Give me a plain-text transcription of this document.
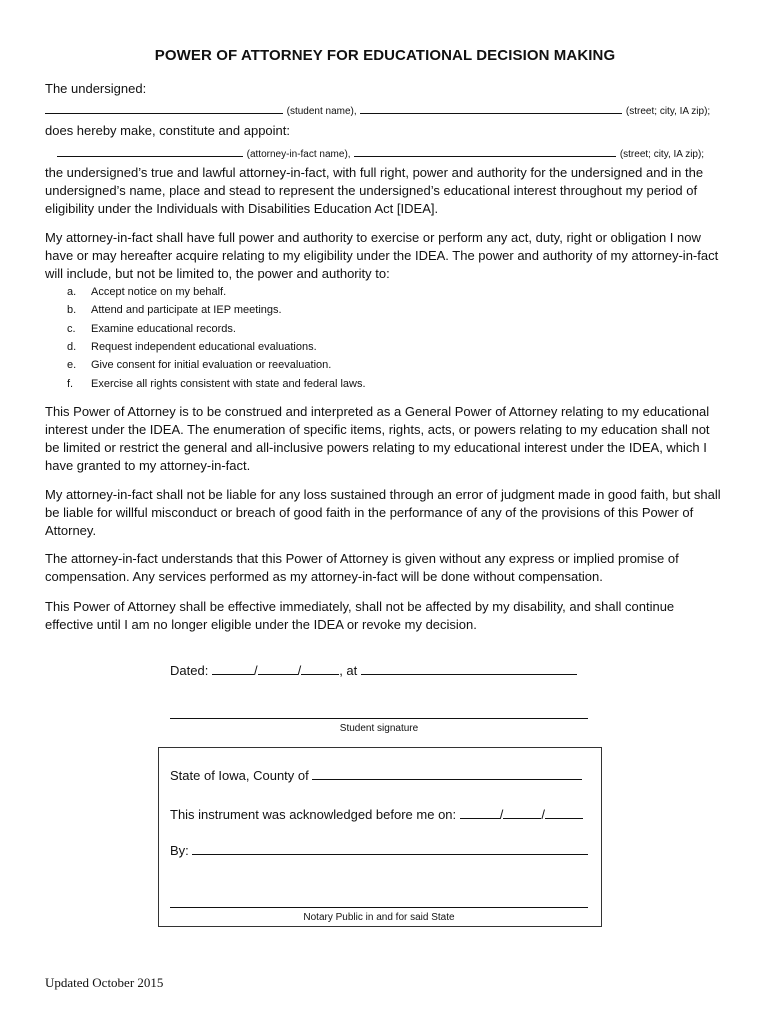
POWER OF ATTORNEY FOR EDUCATIONAL DECISION MAKING
The undersigned:
(student name),	(street; city, IA zip);
does hereby make, constitute and appoint:
(attorney-in-fact name),	(street; city, IA zip);
the undersigned’s true and lawful attorney-in-fact, with full right, power and authority for the undersigned and in the undersigned’s name, place and stead to represent the undersigned’s educational interest throughout my period of eligibility under the Individuals with Disabilities Education Act [IDEA].
My attorney-in-fact shall have full power and authority to exercise or perform any act, duty, right or obligation I now have or may hereafter acquire relating to my eligibility under the IDEA. The power and authority of my attorney-in-fact will include, but not be limited to, the power and authority to:
a.	Accept notice on my behalf.
b.	Attend and participate at IEP meetings.
c.	Examine educational records.
d.	Request independent educational evaluations.
e.	Give consent for initial evaluation or reevaluation.
f.	Exercise all rights consistent with state and federal laws.
This Power of Attorney is to be construed and interpreted as a General Power of Attorney relating to my educational interest under the IDEA. The enumeration of specific items, rights, acts, or powers relating to my education shall not be limited or restrict the general and all-inclusive powers relating to my educational interest under the IDEA, which I have granted to my attorney-in-fact.
My attorney-in-fact shall not be liable for any loss sustained through an error of judgment made in good faith, but shall be liable for willful misconduct or breach of good faith in the performance of any of the provisions of this Power of Attorney.
The attorney-in-fact understands that this Power of Attorney is given without any express or implied promise of compensation. Any services performed as my attorney-in-fact will be done without compensation.
This Power of Attorney shall be effective immediately, shall not be affected by my disability, and shall continue effective until I am no longer eligible under the IDEA or revoke my decision.
Dated:	/	/	, at
Student signature
State of Iowa, County of
This instrument was acknowledged before me on:	/	/
By:
Notary Public in and for said State
Updated October 2015
